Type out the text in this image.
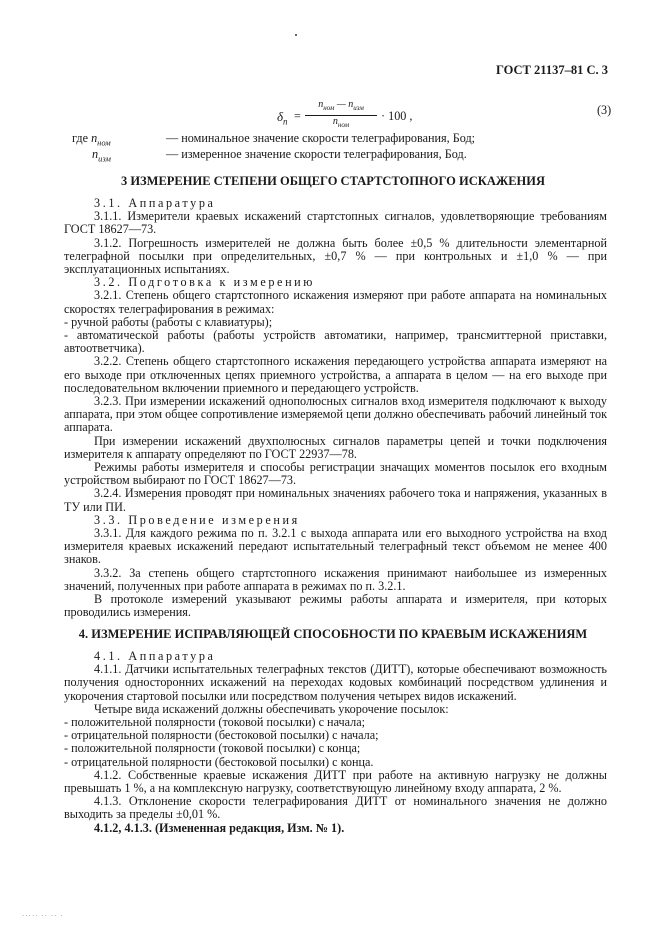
ГОСТ 21137–81 С. 3
$\delta_п$ =
$n_{ном}$ — $n_{изм}$
$n_{ном}$
· 100 ,	(3)
где $n_{ном}$	— номинальное значение скорости телеграфирования, Бод;
$n_{изм}$	— измеренное значение скорости телеграфирования, Бод.
3 ИЗМЕРЕНИЕ СТЕПЕНИ ОБЩЕГО СТАРТСТОПНОГО ИСКАЖЕНИЯ

3.1. Аппаратура

3.1.1. Измерители краевых искажений стартстопных сигналов, удовлетворяющие требованиям ГОСТ 18627—73.

3.1.2. Погрешность измерителей не должна быть более ±0,5 % длительности элементарной телеграфной посылки при определительных, ±0,7 % — при контрольных и ±1,0 % — при эксплуатационных испытаниях.

3.2. Подготовка к измерению

3.2.1. Степень общего стартстопного искажения измеряют при работе аппарата на номинальных скоростях телеграфирования в режимах:

- ручной работы (работы с клавиатуры);

- автоматической работы (работы устройств автоматики, например, трансмиттерной приставки, автоответчика).

3.2.2. Степень общего стартстопного искажения передающего устройства аппарата измеряют на его выходе при отключенных цепях приемного устройства, а аппарата в целом — на его выходе при последовательном включении приемного и передающего устройств.

3.2.3. При измерении искажений однополюсных сигналов вход измерителя подключают к выходу аппарата, при этом общее сопротивление измеряемой цепи должно обеспечивать рабочий линейный ток аппарата.

При измерении искажений двухполюсных сигналов параметры цепей и точки подключения измерителя к аппарату определяют по ГОСТ 22937—78.

Режимы работы измерителя и способы регистрации значащих моментов посылок его входным устройством выбирают по ГОСТ 18627—73.

3.2.4. Измерения проводят при номинальных значениях рабочего тока и напряжения, указанных в ТУ или ПИ.

3.3. Проведение измерения

3.3.1. Для каждого режима по п. 3.2.1 с выхода аппарата или его выходного устройства на вход измерителя краевых искажений передают испытательный телеграфный текст объемом не менее 400 знаков.

3.3.2. За степень общего стартстопного искажения принимают наибольшее из измеренных значений, полученных при работе аппарата в режимах по п. 3.2.1.

В протоколе измерений указывают режимы работы аппарата и измерителя, при которых проводились измерения.

4. ИЗМЕРЕНИЕ ИСПРАВЛЯЮЩЕЙ СПОСОБНОСТИ ПО КРАЕВЫМ ИСКАЖЕНИЯМ

4.1. Аппаратура

4.1.1. Датчики испытательных телеграфных текстов (ДИТТ), которые обеспечивают возможность получения односторонних искажений на переходах кодовых комбинаций посредством удлинения и укорочения стартовой посылки или посредством получения четырех видов искажений.

Четыре вида искажений должны обеспечивать укорочение посылок:

- положительной полярности (токовой посылки) с начала;

- отрицательной полярности (бестоковой посылки) с начала;

- положительной полярности (токовой посылки) с конца;

- отрицательной полярности (бестоковой посылки) с конца.

4.1.2. Собственные краевые искажения ДИТТ при работе на активную нагрузку не должны превышать 1 %, а на комплексную нагрузку, соответствующую линейному входу аппарата, 2 %.

4.1.3. Отклонение скорости телеграфирования ДИТТ от номинального значения не должно выходить за пределы ±0,01 %.

4.1.2, 4.1.3. (Измененная редакция, Изм. № 1).

····· ·· ·· ·
